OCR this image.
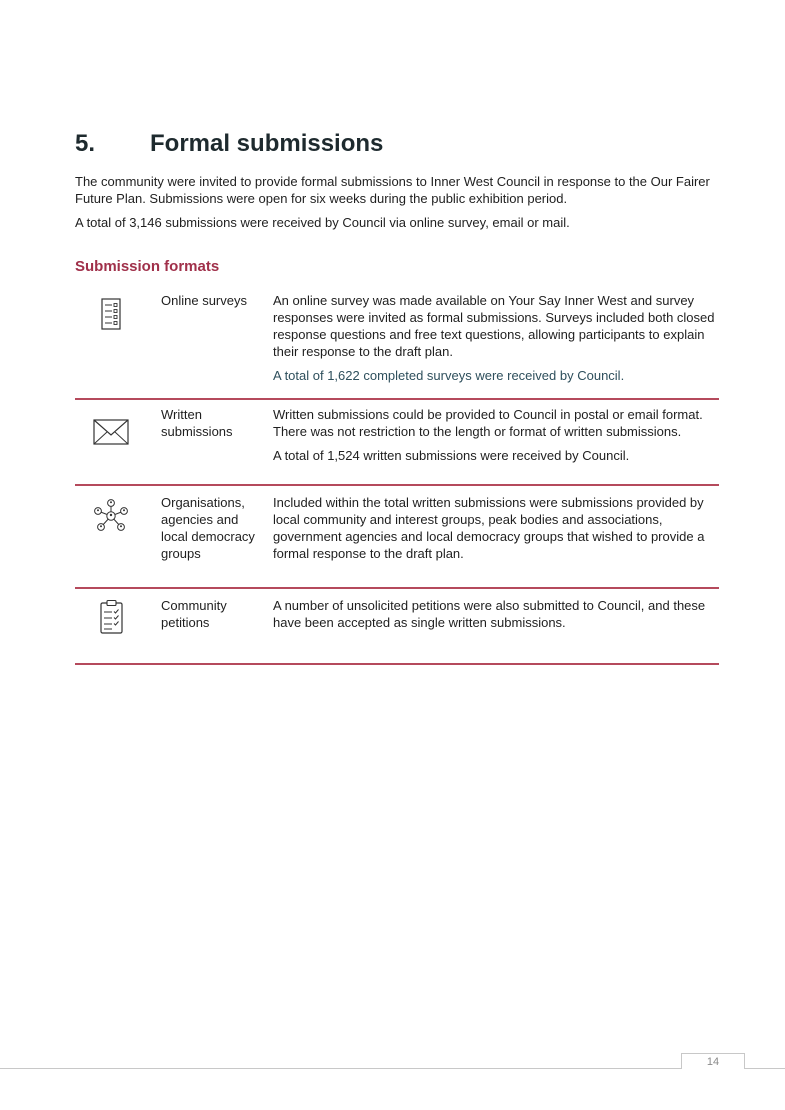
5. Formal submissions

The community were invited to provide formal submissions to Inner West Council in response to the Our Fairer Future Plan. Submissions were open for six weeks during the public exhibition period.

A total of 3,146 submissions were received by Council via online survey, email or mail.

Submission formats
Online surveys	An online survey was made available on Your Say Inner West and survey responses were invited as formal submissions. Surveys included both closed response questions and free text questions, allowing participants to explain their response to the draft plan.

A total of 1,622 completed surveys were received by Council.

Written submissions

Written submissions could be provided to Council in postal or email format. There was not restriction to the length or format of written submissions.

A total of 1,524 written submissions were received by Council.

Organisations, agencies and local democracy groups

Included within the total written submissions were submissions provided by local community and interest groups, peak bodies and associations, government agencies and local democracy groups that wished to provide a formal response to the draft plan.

Community petitions

A number of unsolicited petitions were also submitted to Council, and these have been accepted as single written submissions.

14
